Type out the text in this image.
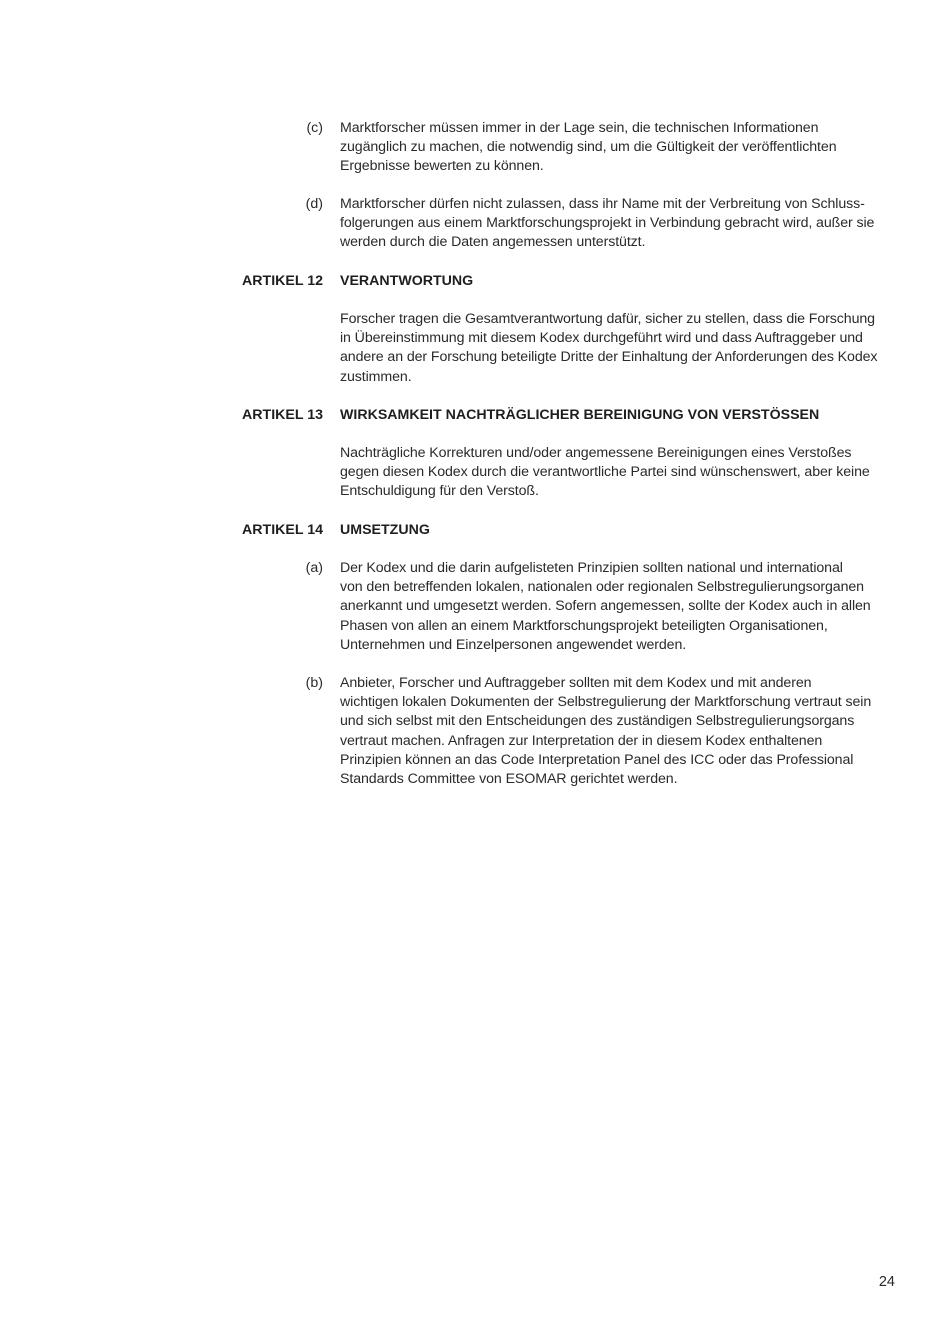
(c) Marktforscher müssen immer in der Lage sein, die technischen Informationen
zugänglich zu machen, die notwendig sind, um die Gültigkeit der veröffentlichten
Ergebnisse bewerten zu können.
(d) Marktforscher dürfen nicht zulassen, dass ihr Name mit der Verbreitung von Schluss-
folgerungen aus einem Marktforschungsprojekt in Verbindung gebracht wird, außer sie
werden durch die Daten angemessen unterstützt.
ARTIKEL 12 VERANTWORTUNG
Forscher tragen die Gesamtverantwortung dafür, sicher zu stellen, dass die Forschung
in Übereinstimmung mit diesem Kodex durchgeführt wird und dass Auftraggeber und
andere an der Forschung beteiligte Dritte der Einhaltung der Anforderungen des Kodex
zustimmen.
ARTIKEL 13 WIRKSAMKEIT NACHTRÄGLICHER BEREINIGUNG VON VERSTÖSSEN
Nachträgliche Korrekturen und/oder angemessene Bereinigungen eines Verstoßes
gegen diesen Kodex durch die verantwortliche Partei sind wünschenswert, aber keine
Entschuldigung für den Verstoß.
ARTIKEL 14 UMSETZUNG
(a) Der Kodex und die darin aufgelisteten Prinzipien sollten national und international
von den betreffenden lokalen, nationalen oder regionalen Selbstregulierungsorganen
anerkannt und umgesetzt werden. Sofern angemessen, sollte der Kodex auch in allen
Phasen von allen an einem Marktforschungsprojekt beteiligten Organisationen,
Unternehmen und Einzelpersonen angewendet werden.
(b) Anbieter, Forscher und Auftraggeber sollten mit dem Kodex und mit anderen
wichtigen lokalen Dokumenten der Selbstregulierung der Marktforschung vertraut sein
und sich selbst mit den Entscheidungen des zuständigen Selbstregulierungsorgans
vertraut machen. Anfragen zur Interpretation der in diesem Kodex enthaltenen
Prinzipien können an das Code Interpretation Panel des ICC oder das Professional
Standards Committee von ESOMAR gerichtet werden.
24
